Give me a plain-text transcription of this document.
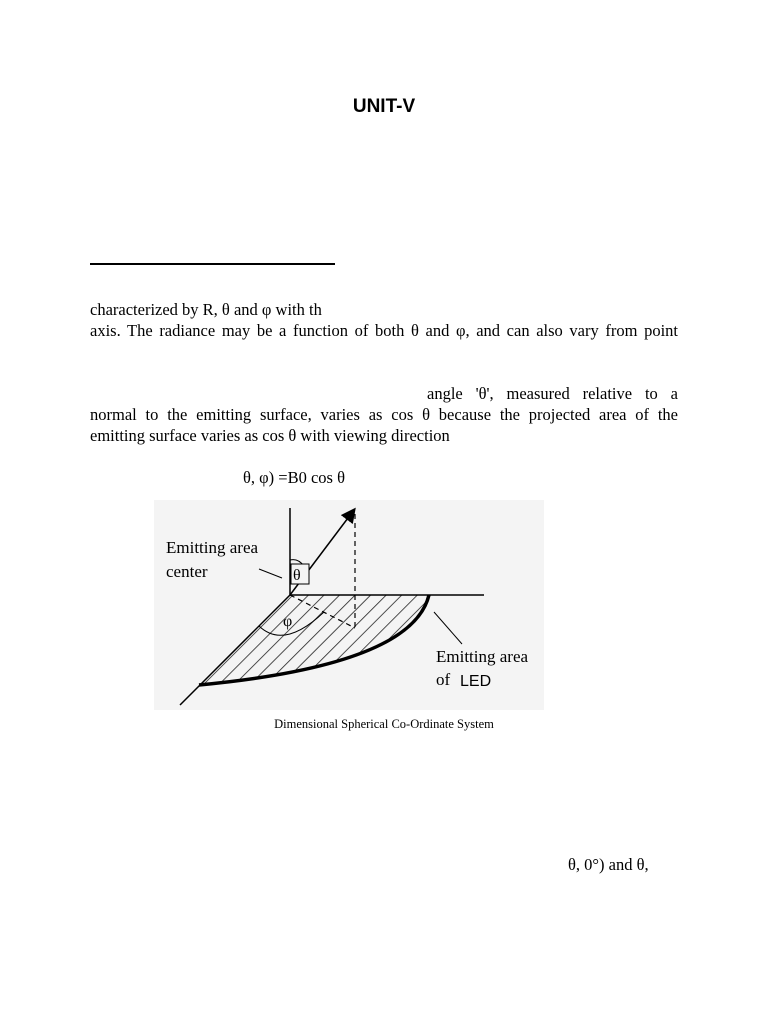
UNIT-V
characterized by R, θ and φ with th
axis. The radiance may be a function of both θ and φ, and can also vary from point
angle 'θ', measured relative to a
normal to the emitting surface, varies as cos θ because the projected area of the
emitting surface varies as cos θ with viewing direction
θ, φ) =B0 cos θ
θ
φ
Emitting area
center
Emitting area
of LED
Dimensional Spherical Co-Ordinate System
θ, 0°) and θ,
